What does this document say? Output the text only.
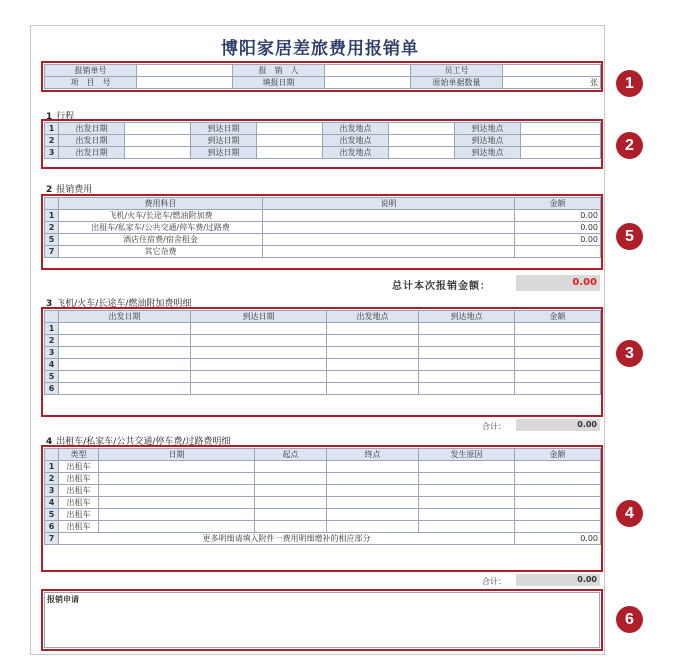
博阳家居差旅费用报销单
报销单号		报　销　人		员工号	
项　目　号		填报日期		原始单据数量	张
1 行程
1	出发日期		到达日期		出发地点		到达地点	
2	出发日期		到达日期		出发地点		到达地点	
3	出发日期		到达日期		出发地点		到达地点	
2 报销费用
	费用科目	说明	金额
1	飞机/火车/长途车/燃油附加费		0.00
2	出租车/私家车/公共交通/停车费/过路费		0.00
5	酒店住宿费/宿舍租金		0.00
7	其它杂费		
总计本次报销金额：	0.00
3 飞机/火车/长途车/燃油附加费明细
	出发日期	到达日期	出发地点	到达地点	金额
1					
2					
3					
4					
5					
6					
合计：	0.00
4 出租车/私家车/公共交通/停车费/过路费明细
	类型	日期	起点	终点	发生原因	金额
1	出租车					
2	出租车					
3	出租车					
4	出租车					
5	出租车					
6	出租车					
7	更多明细请填入附件一费用明细增补的相应部分					0.00
合计：	0.00
报销申请
1
2
5
3
4
6
